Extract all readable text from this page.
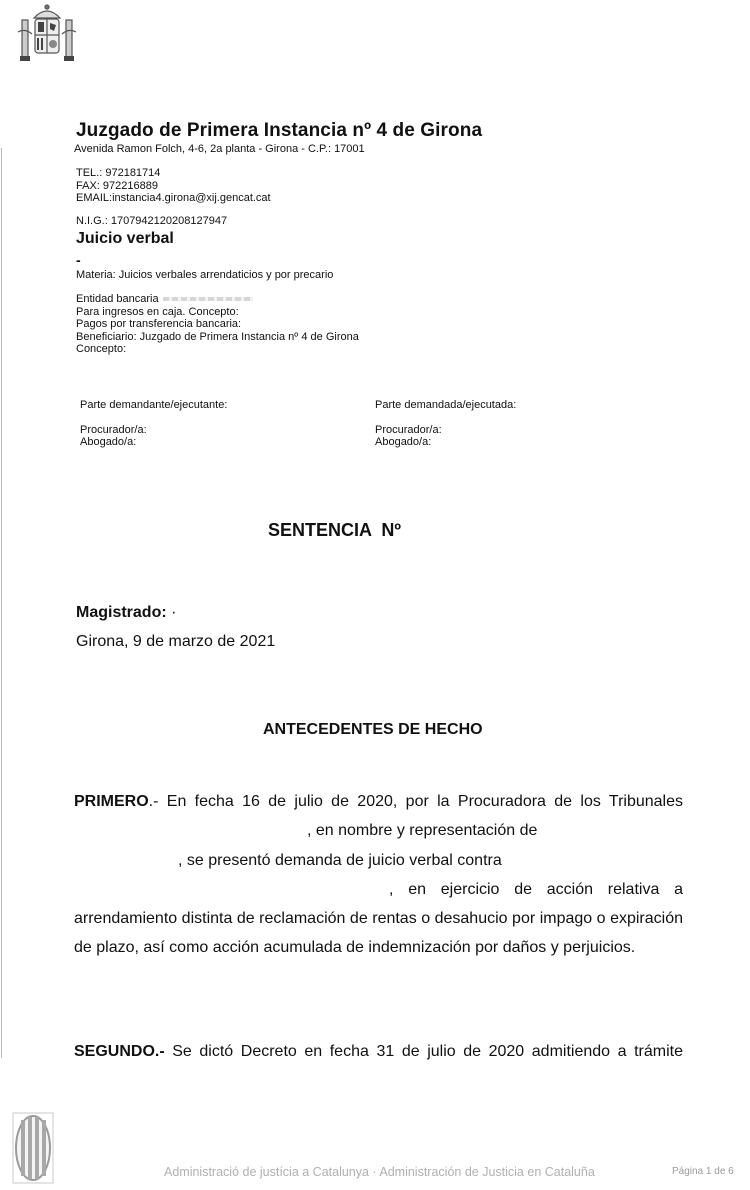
Juzgado de Primera Instancia nº 4 de Girona
Avenida Ramon Folch, 4-6, 2a planta - Girona - C.P.: 17001
TEL.: 972181714
FAX: 972216889
EMAIL:instancia4.girona@xij.gencat.cat
N.I.G.: 1707942120208127947
Juicio verbal
-
Materia: Juicios verbales arrendaticios y por precario
Entidad bancaria
Para ingresos en caja. Concepto:
Pagos por transferencia bancaria:
Beneficiario: Juzgado de Primera Instancia nº 4 de Girona
Concepto:
Parte demandante/ejecutante:
Procurador/a:
Abogado/a:
Parte demandada/ejecutada:
Procurador/a:
Abogado/a:
SENTENCIA  Nº
Magistrado: ·
Girona, 9 de marzo de 2021
ANTECEDENTES DE HECHO
PRIMERO.- En fecha 16 de julio de 2020, por la Procuradora de los Tribunales
, en nombre y representación de
, se presentó demanda de juicio verbal contra
, en ejercicio de acción relativa a
arrendamiento distinta de reclamación de rentas o desahucio por impago o expiración de plazo, así como acción acumulada de indemnización por daños y perjuicios.
SEGUNDO.- Se dictó Decreto en fecha 31 de julio de 2020 admitiendo a trámite
Administració de justícia a Catalunya · Administración de Justicia en Cataluña	Página 1 de 6
